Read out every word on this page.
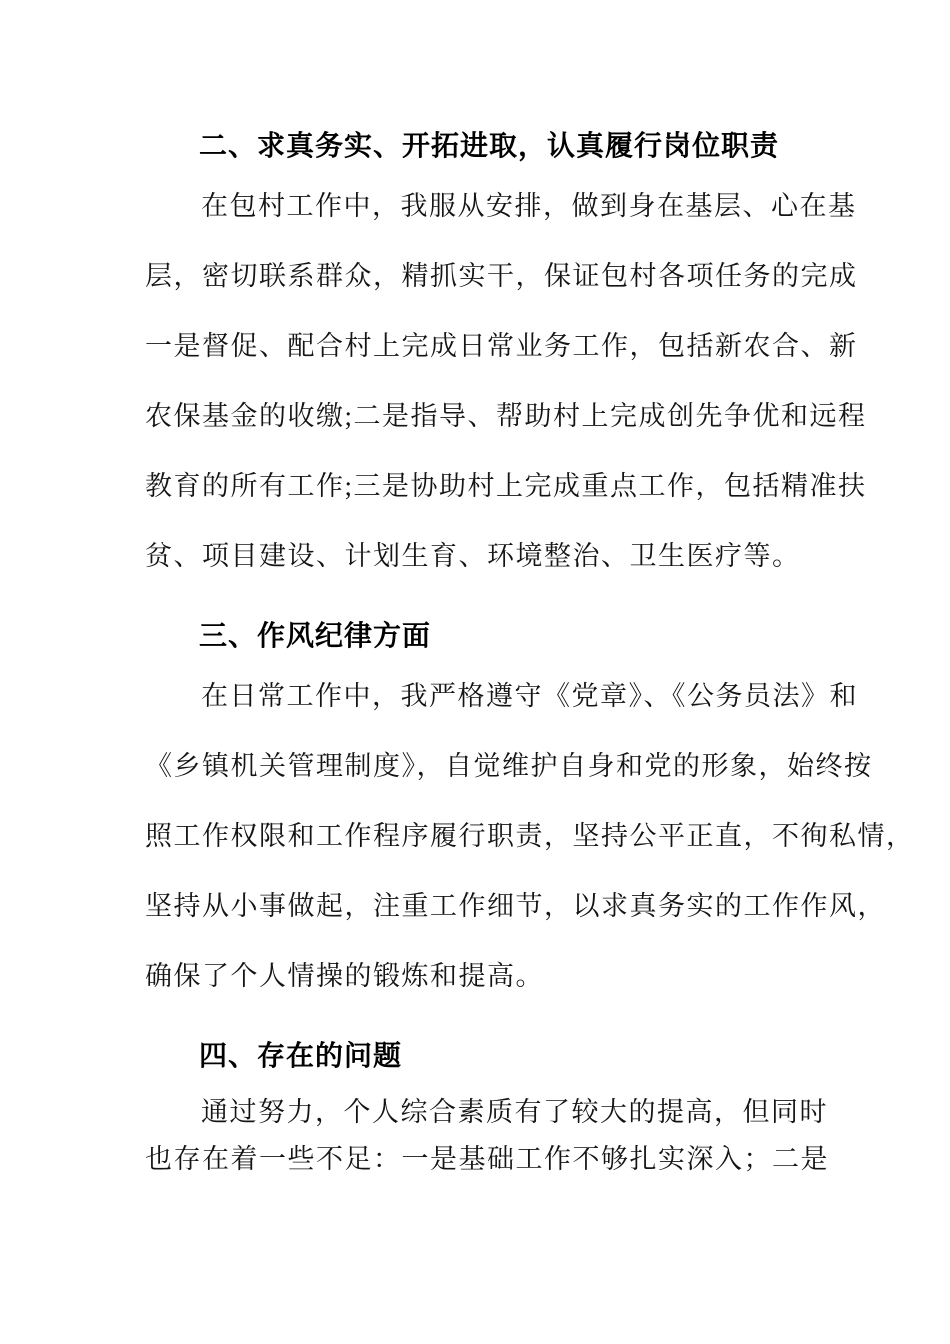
二、求真务实、开拓进取，认真履行岗位职责
在包村工作中，我服从安排，做到身在基层、心在基
层，密切联系群众，精抓实干，保证包村各项任务的完成
一是督促、配合村上完成日常业务工作，包括新农合、新
农保基金的收缴;二是指导、帮助村上完成创先争优和远程
教育的所有工作;三是协助村上完成重点工作，包括精准扶
贫、项目建设、计划生育、环境整治、卫生医疗等。
三、作风纪律方面
在日常工作中，我严格遵守《党章》、《公务员法》和
《乡镇机关管理制度》，自觉维护自身和党的形象，始终按
照工作权限和工作程序履行职责，坚持公平正直，不徇私情，
坚持从小事做起，注重工作细节，以求真务实的工作作风，
确保了个人情操的锻炼和提高。
四、存在的问题
通过努力，个人综合素质有了较大的提高，但同时
也存在着一些不足：一是基础工作不够扎实深入；二是
